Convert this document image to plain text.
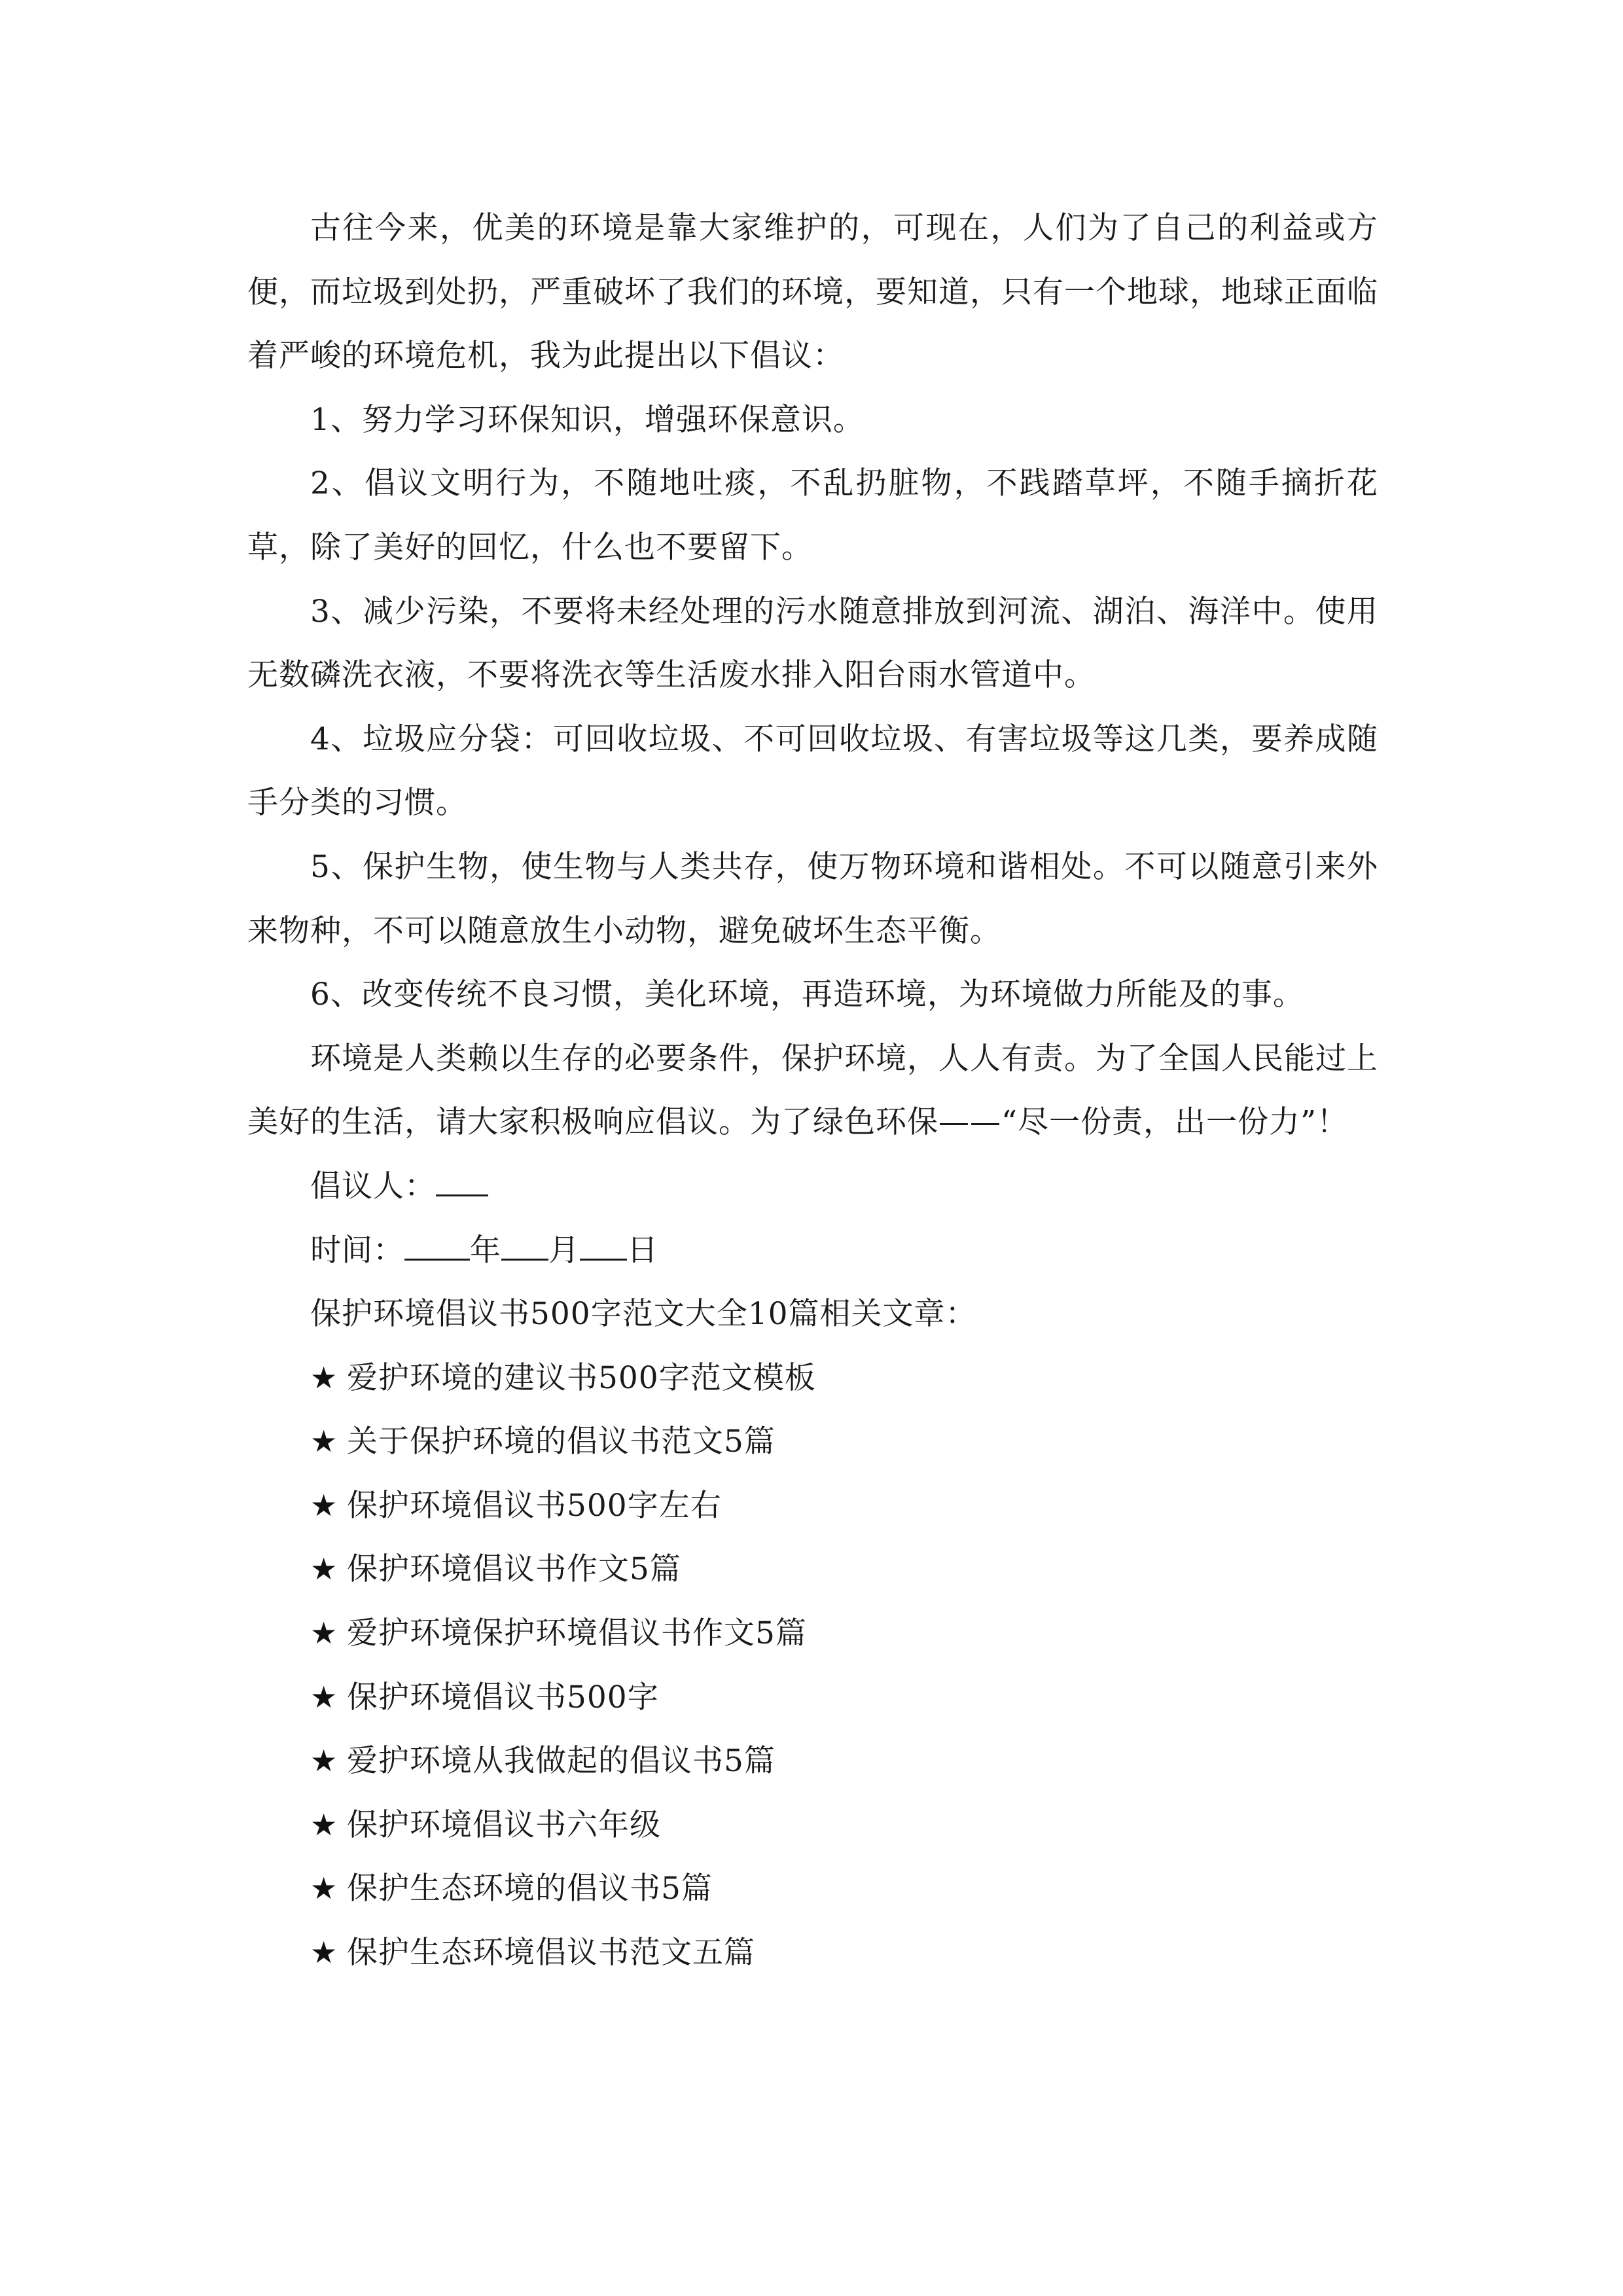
古往今来，优美的环境是靠大家维护的，可现在，人们为了自己的利益或方便，而垃圾到处扔，严重破坏了我们的环境，要知道，只有一个地球，地球正面临着严峻的环境危机，我为此提出以下倡议：

1、努力学习环保知识，增强环保意识。

2、倡议文明行为，不随地吐痰，不乱扔脏物，不践踏草坪，不随手摘折花草，除了美好的回忆，什么也不要留下。

3、减少污染，不要将未经处理的污水随意排放到河流、湖泊、海洋中。使用无数磷洗衣液，不要将洗衣等生活废水排入阳台雨水管道中。

4、垃圾应分袋：可回收垃圾、不可回收垃圾、有害垃圾等这几类，要养成随手分类的习惯。

5、保护生物，使生物与人类共存，使万物环境和谐相处。不可以随意引来外来物种，不可以随意放生小动物，避免破坏生态平衡。

6、改变传统不良习惯，美化环境，再造环境，为环境做力所能及的事。

环境是人类赖以生存的必要条件，保护环境，人人有责。为了全国人民能过上美好的生活，请大家积极响应倡议。为了绿色环保——“尽一份责，出一份力”！

倡议人：

时间： 年 月 日

保护环境倡议书500字范文大全10篇相关文章：

★ 爱护环境的建议书500字范文模板
★ 关于保护环境的倡议书范文5篇
★ 保护环境倡议书500字左右
★ 保护环境倡议书作文5篇
★ 爱护环境保护环境倡议书作文5篇
★ 保护环境倡议书500字
★ 爱护环境从我做起的倡议书5篇
★ 保护环境倡议书六年级
★ 保护生态环境的倡议书5篇
★ 保护生态环境倡议书范文五篇
